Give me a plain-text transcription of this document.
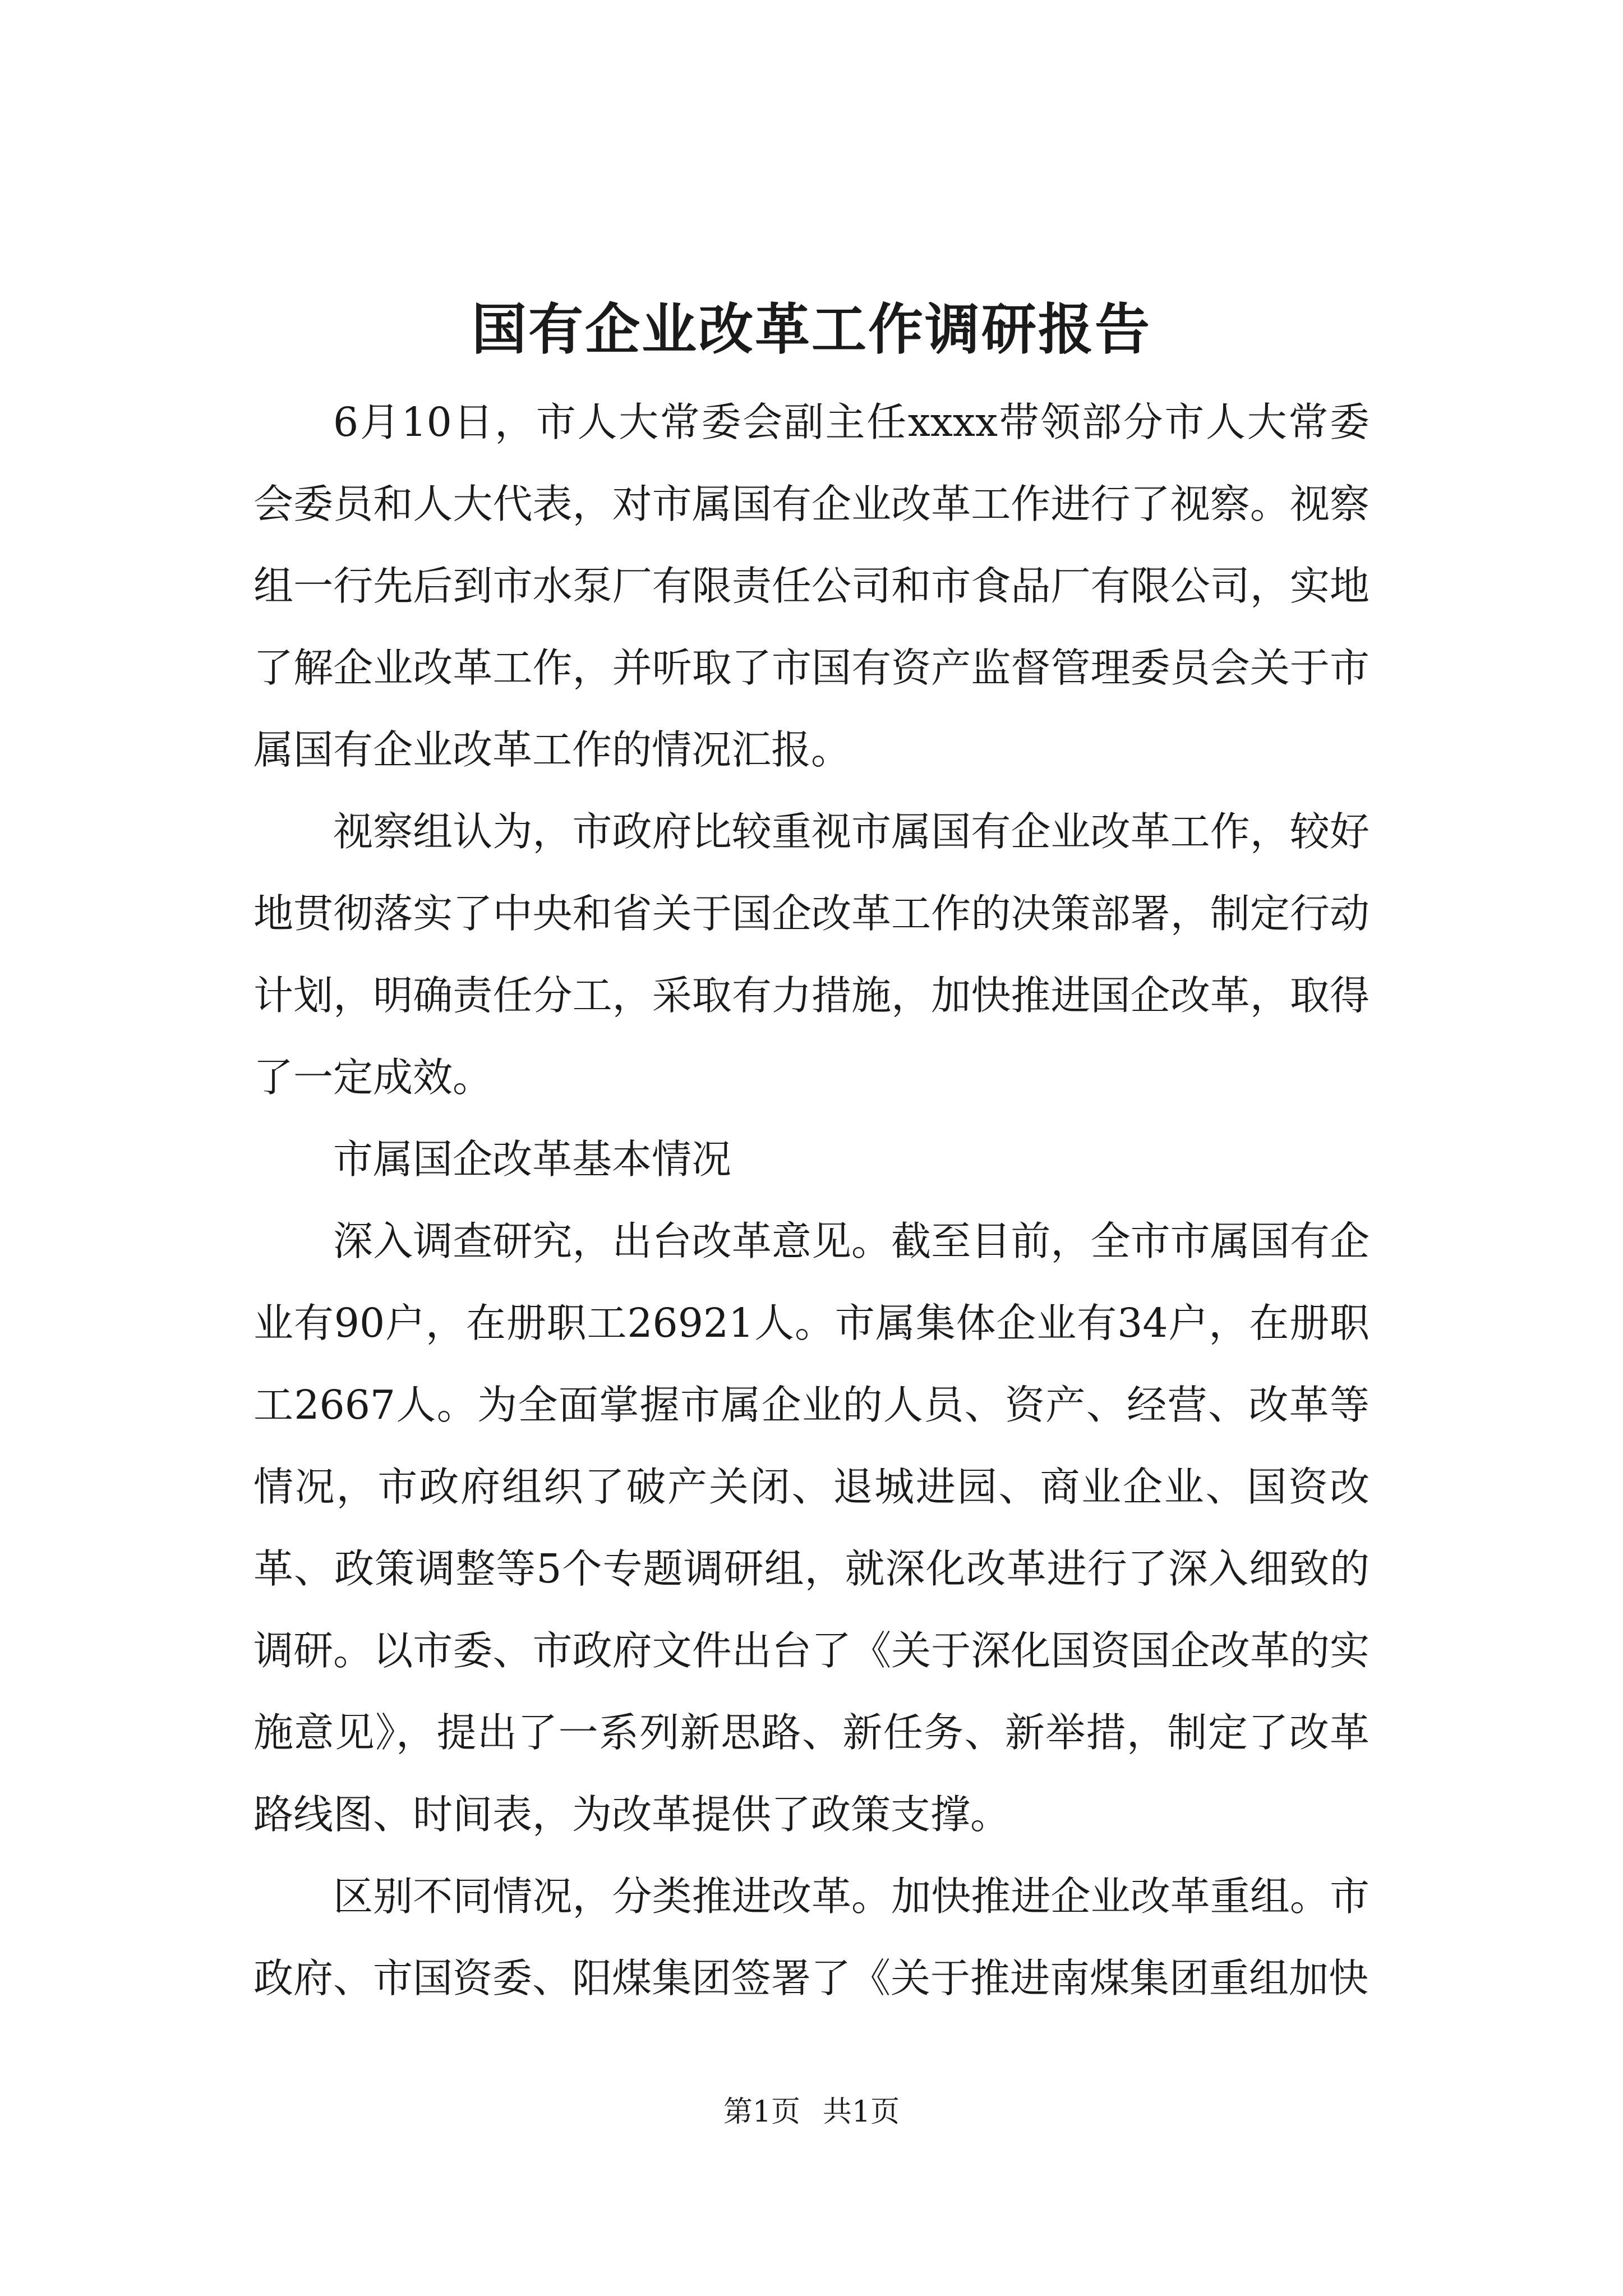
国有企业改革工作调研报告

6月10日，市人大常委会副主任xxxx带领部分市人大常委会委员和人大代表，对市属国有企业改革工作进行了视察。视察组一行先后到市水泵厂有限责任公司和市食品厂有限公司，实地了解企业改革工作，并听取了市国有资产监督管理委员会关于市属国有企业改革工作的情况汇报。

视察组认为，市政府比较重视市属国有企业改革工作，较好地贯彻落实了中央和省关于国企改革工作的决策部署，制定行动计划，明确责任分工，采取有力措施，加快推进国企改革，取得了一定成效。

市属国企改革基本情况

深入调查研究，出台改革意见。截至目前，全市市属国有企业有90户，在册职工26921人。市属集体企业有34户，在册职工2667人。为全面掌握市属企业的人员、资产、经营、改革等情况，市政府组织了破产关闭、退城进园、商业企业、国资改革、政策调整等5个专题调研组，就深化改革进行了深入细致的调研。以市委、市政府文件出台了《关于深化国资国企改革的实施意见》，提出了一系列新思路、新任务、新举措，制定了改革路线图、时间表，为改革提供了政策支撑。

区别不同情况，分类推进改革。加快推进企业改革重组。市政府、市国资委、阳煤集团签署了《关于推进南煤集团重组加快

第1页 共1页
